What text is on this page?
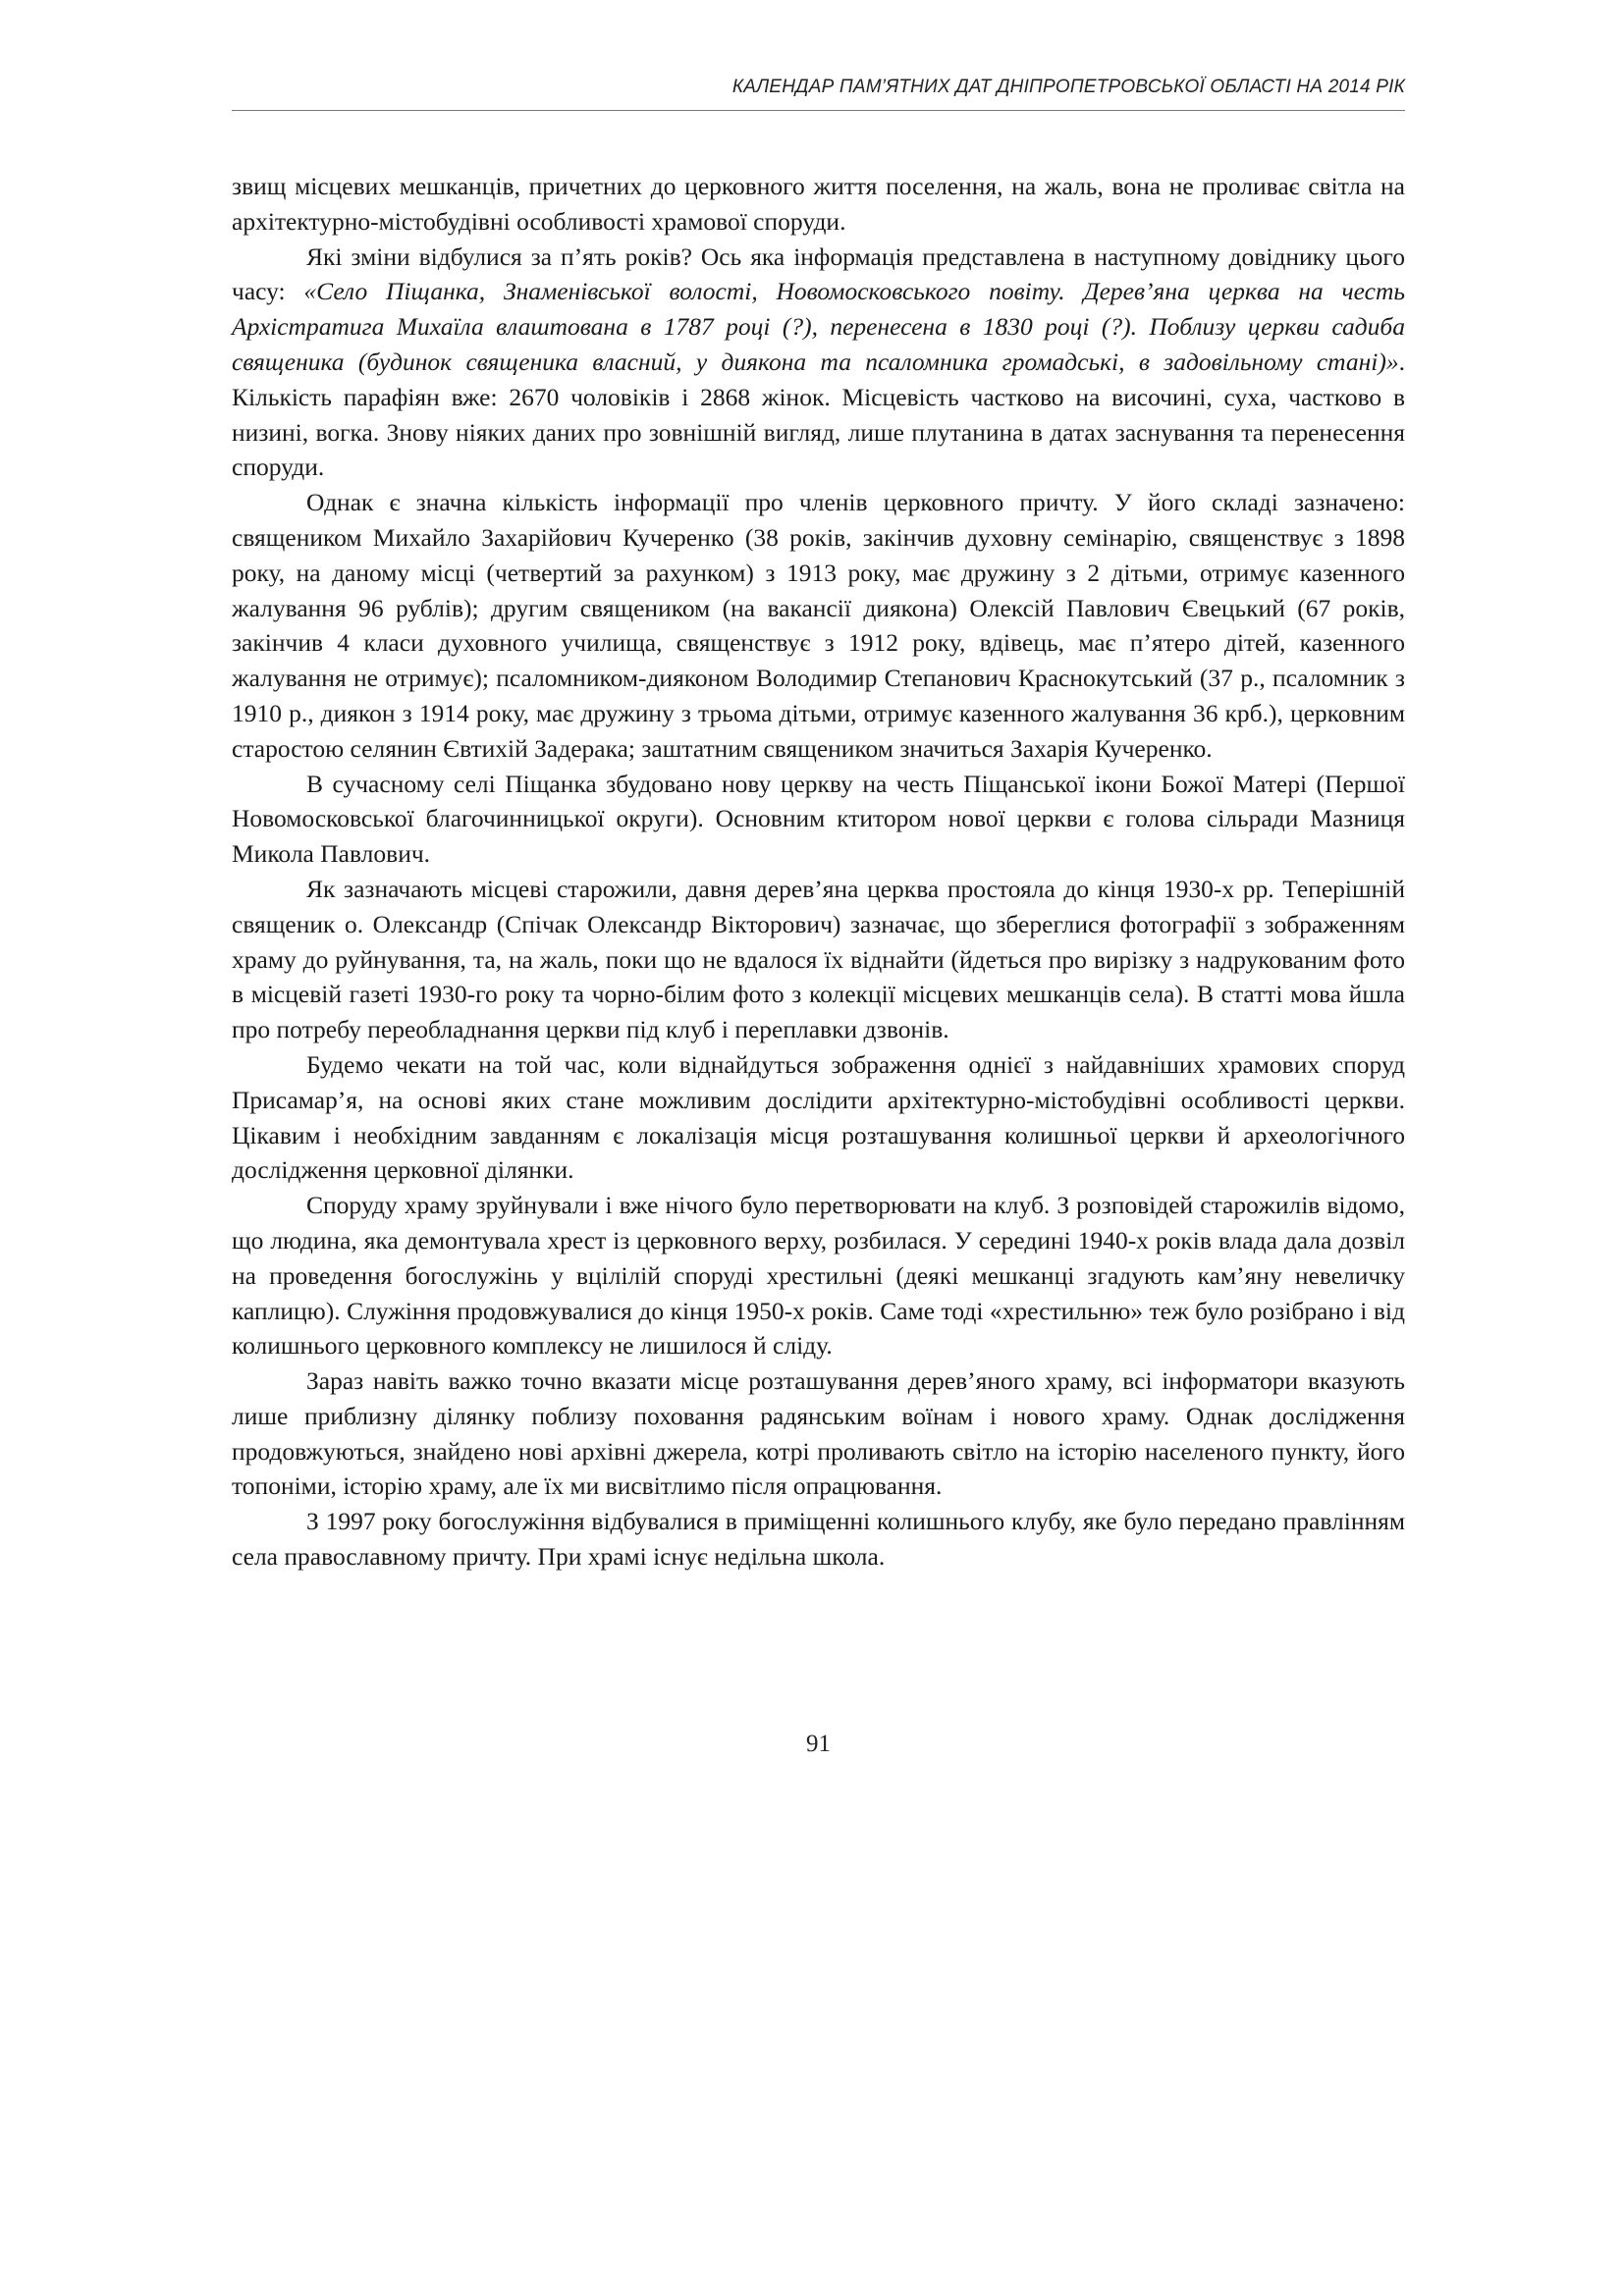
КАЛЕНДАР ПАМ’ЯТНИХ ДАТ ДНІПРОПЕТРОВСЬКОЇ ОБЛАСТІ НА 2014 РІК

звищ місцевих мешканців, причетних до церковного життя поселення, на жаль, вона не проливає світла на архітектурно-містобудівні особливості храмової споруди.

Які зміни відбулися за п’ять років? Ось яка інформація представлена в наступному довіднику цього часу: «Село Піщанка, Знаменівської волості, Новомосковського повіту. Дерев’яна церква на честь Архістратига Михаїла влаштована в 1787 році (?), перенесена в 1830 році (?). Поблизу церкви садиба священика (будинок священика власний, у диякона та псаломника громадські, в задовільному стані)». Кількість парафіян вже: 2670 чоловіків і 2868 жінок. Місцевість частково на височині, суха, частково в низині, вогка. Знову ніяких даних про зовнішній вигляд, лише плутанина в датах заснування та перенесення споруди.

Однак є значна кількість інформації про членів церковного причту. У його складі зазначено: священиком Михайло Захарійович Кучеренко (38 років, закінчив духовну семінарію, священствує з 1898 року, на даному місці (четвертий за рахунком) з 1913 року, має дружину з 2 дітьми, отримує казенного жалування 96 рублів); другим священиком (на вакансії диякона) Олексій Павлович Євецький (67 років, закінчив 4 класи духовного училища, священствує з 1912 року, вдівець, має п’ятеро дітей, казенного жалування не отримує); псаломником-дияконом Володимир Степанович Краснокутський (37 р., псаломник з 1910 р., диякон з 1914 року, має дружину з трьома дітьми, отримує казенного жалування 36 крб.), церковним старостою селянин Євтихій Задерака; заштатним священиком значиться Захарія Кучеренко.

В сучасному селі Піщанка збудовано нову церкву на честь Піщанської ікони Божої Матері (Першої Новомосковської благочинницької округи). Основним ктитором нової церкви є голова сільради Мазниця Микола Павлович.

Як зазначають місцеві старожили, давня дерев’яна церква простояла до кінця 1930-х рр. Теперішній священик о. Олександр (Спічак Олександр Вікторович) зазначає, що збереглися фотографії з зображенням храму до руйнування, та, на жаль, поки що не вдалося їх віднайти (йдеться про вирізку з надрукованим фото в місцевій газеті 1930-го року та чорно-білим фото з колекції місцевих мешканців села). В статті мова йшла про потребу переобладнання церкви під клуб і переплавки дзвонів.

Будемо чекати на той час, коли віднайдуться зображення однієї з найдавніших храмових споруд Присамар’я, на основі яких стане можливим дослідити архітектурно-містобудівні особливості церкви. Цікавим і необхідним завданням є локалізація місця розташування колишньої церкви й археологічного дослідження церковної ділянки.

Споруду храму зруйнували і вже нічого було перетворювати на клуб. З розповідей старожилів відомо, що людина, яка демонтувала хрест із церковного верху, розбилася. У середині 1940-х років влада дала дозвіл на проведення богослужінь у вцілілій споруді хрестильні (деякі мешканці згадують кам’яну невеличку каплицю). Служіння продовжувалися до кінця 1950-х років. Саме тоді «хрестильню» теж було розібрано і від колишнього церковного комплексу не лишилося й сліду.

Зараз навіть важко точно вказати місце розташування дерев’яного храму, всі інформатори вказують лише приблизну ділянку поблизу поховання радянським воїнам і нового храму. Однак дослідження продовжуються, знайдено нові архівні джерела, котрі проливають світло на історію населеного пункту, його топоніми, історію храму, але їх ми висвітлимо після опрацювання.

З 1997 року богослужіння відбувалися в приміщенні колишнього клубу, яке було передано правлінням села православному причту. При храмі існує недільна школа.

91
